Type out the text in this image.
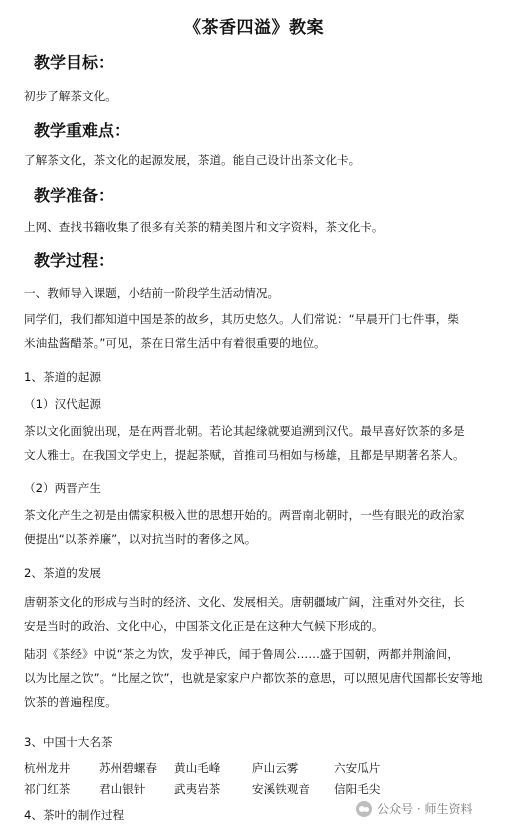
《茶香四溢》教案
教学目标：
初步了解茶文化。
教学重难点：
了解茶文化，茶文化的起源发展，茶道。能自己设计出茶文化卡。
教学准备：
上网、查找书籍收集了很多有关茶的精美图片和文字资料，茶文化卡。
教学过程：
一、教师导入课题，小结前一阶段学生活动情况。
同学们，我们都知道中国是茶的故乡，其历史悠久。人们常说：“早晨开门七件事，柴
米油盐酱醋茶。”可见，茶在日常生活中有着很重要的地位。
1、茶道的起源
（1）汉代起源
茶以文化面貌出现，是在两晋北朝。若论其起缘就要追溯到汉代。最早喜好饮茶的多是
文人雅士。在我国文学史上，提起茶赋，首推司马相如与杨雄，且都是早期著名茶人。
（2）两晋产生
茶文化产生之初是由儒家积极入世的思想开始的。两晋南北朝时，一些有眼光的政治家
便提出“以茶养廉”，以对抗当时的奢侈之风。
2、茶道的发展
唐朝茶文化的形成与当时的经济、文化、发展相关。唐朝疆域广阔，注重对外交往，长
安是当时的政治、文化中心，中国茶文化正是在这种大气候下形成的。
陆羽《茶经》中说“茶之为饮，发乎神氏，闻于鲁周公……盛于国朝，两都并荆渝间，
以为比屋之饮”。“比屋之饮”，也就是家家户户都饮茶的意思，可以照见唐代国都长安等地
饮茶的普遍程度。
3、中国十大名茶
杭州龙井 苏州碧螺春 黄山毛峰	庐山云雾	六安瓜片
祁门红茶 君山银针 武夷岩茶	安溪铁观音 信阳毛尖
4、茶叶的制作过程	公众号 · 师生资料
